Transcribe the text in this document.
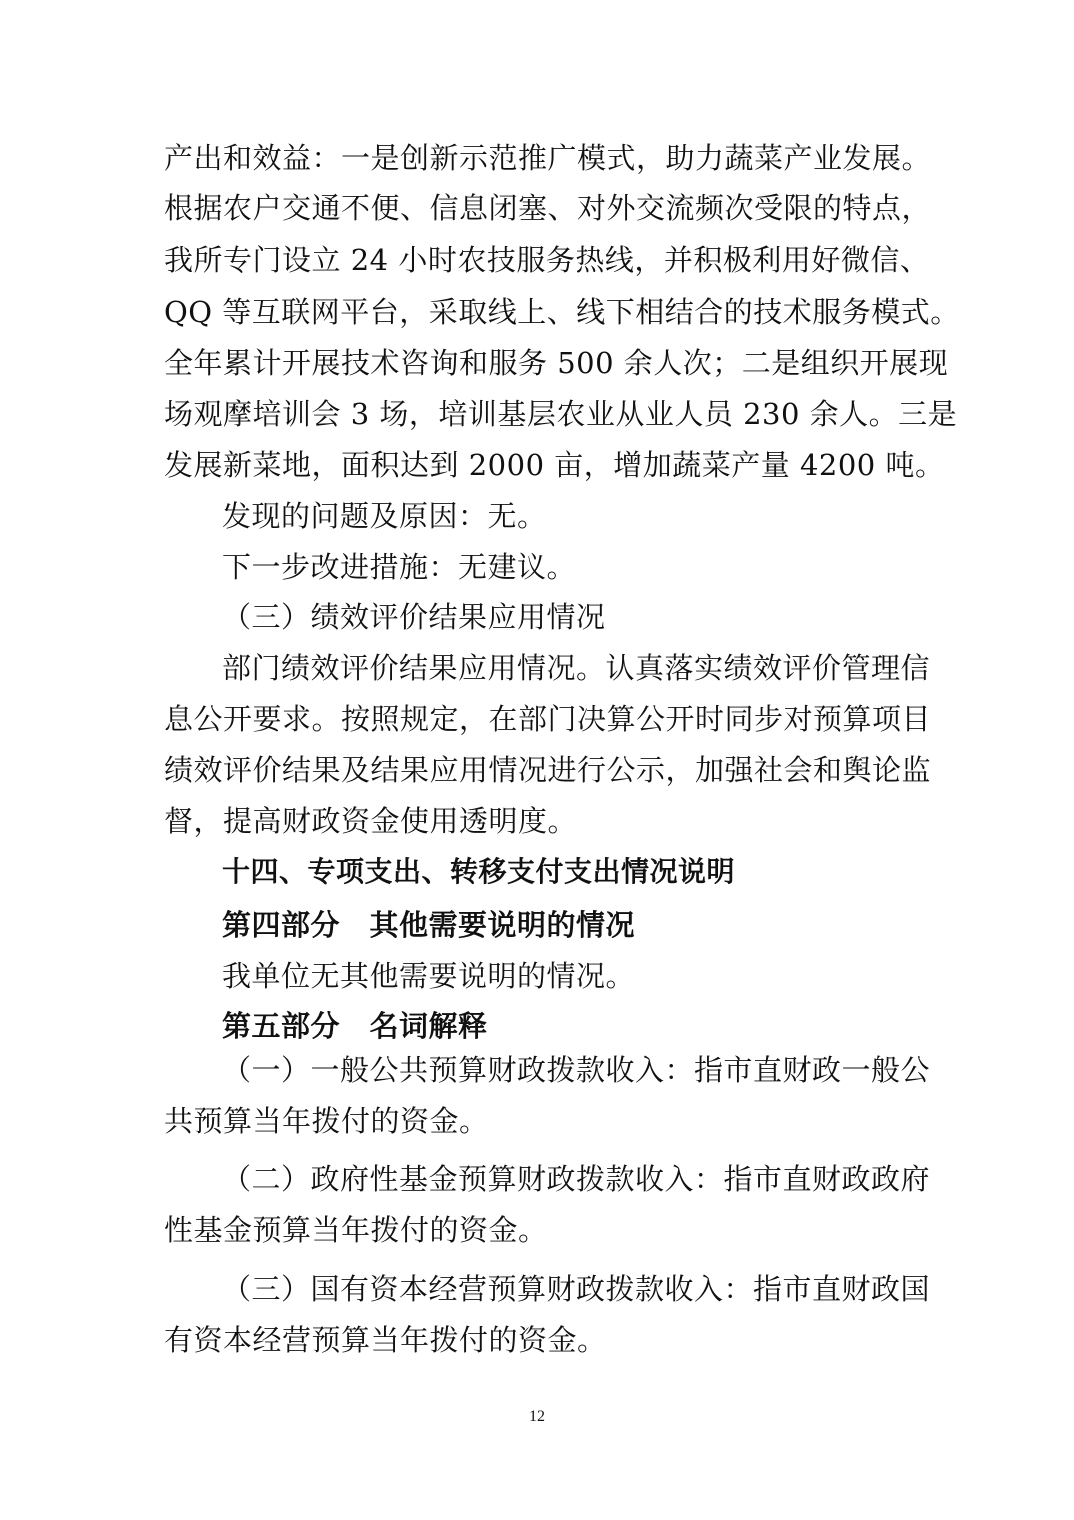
产出和效益：一是创新示范推广模式，助力蔬菜产业发展。
根据农户交通不便、信息闭塞、对外交流频次受限的特点，
我所专门设立 24 小时农技服务热线，并积极利用好微信、
QQ 等互联网平台，采取线上、线下相结合的技术服务模式。
全年累计开展技术咨询和服务 500 余人次；二是组织开展现
场观摩培训会 3 场，培训基层农业从业人员 230 余人。三是
发展新菜地，面积达到 2000 亩，增加蔬菜产量 4200 吨。
发现的问题及原因：无。
下一步改进措施：无建议。
（三）绩效评价结果应用情况
部门绩效评价结果应用情况。认真落实绩效评价管理信
息公开要求。按照规定，在部门决算公开时同步对预算项目
绩效评价结果及结果应用情况进行公示，加强社会和舆论监
督，提高财政资金使用透明度。
十四、专项支出、转移支付支出情况说明
第四部分　其他需要说明的情况
我单位无其他需要说明的情况。
第五部分　名词解释
（一）一般公共预算财政拨款收入：指市直财政一般公
共预算当年拨付的资金。
（二）政府性基金预算财政拨款收入：指市直财政政府
性基金预算当年拨付的资金。
（三）国有资本经营预算财政拨款收入：指市直财政国
有资本经营预算当年拨付的资金。
12
